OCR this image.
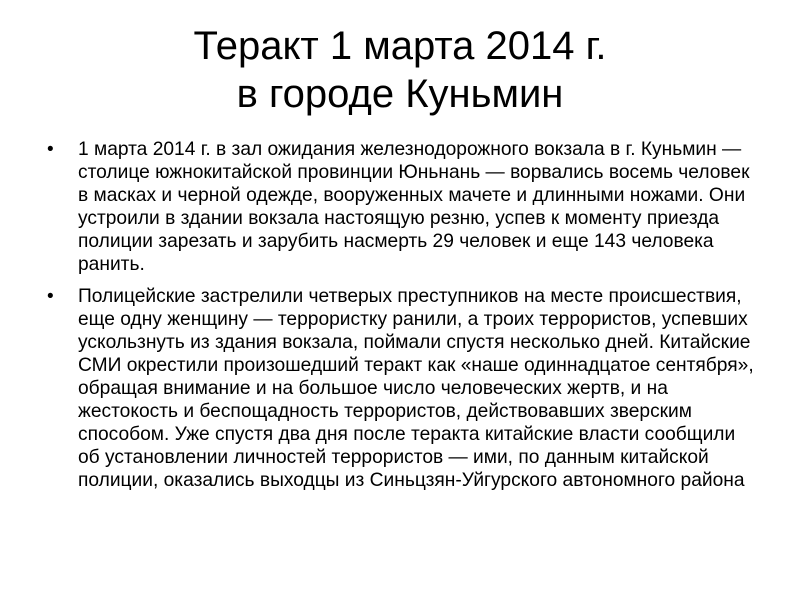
Теракт 1 марта 2014 г.
в городе Куньмин
• 1 марта 2014 г. в зал ожидания железнодорожного вокзала в г. Куньмин — столице южнокитайской провинции Юньнань — ворвались восемь человек в масках и черной одежде, вооруженных мачете и длинными ножами. Они устроили в здании вокзала настоящую резню, успев к моменту приезда полиции зарезать и зарубить насмерть 29 человек и еще 143 человека ранить.
• Полицейские застрелили четверых преступников на месте происшествия, еще одну женщину — террористку ранили, а троих террористов, успевших ускользнуть из здания вокзала, поймали спустя несколько дней. Китайские СМИ окрестили произошедший теракт как «наше одиннадцатое сентября», обращая внимание и на большое число человеческих жертв, и на жестокость и беспощадность террористов, действовавших зверским способом. Уже спустя два дня после теракта китайские власти сообщили об установлении личностей террористов — ими, по данным китайской полиции, оказались выходцы из Синьцзян-Уйгурского автономного района
